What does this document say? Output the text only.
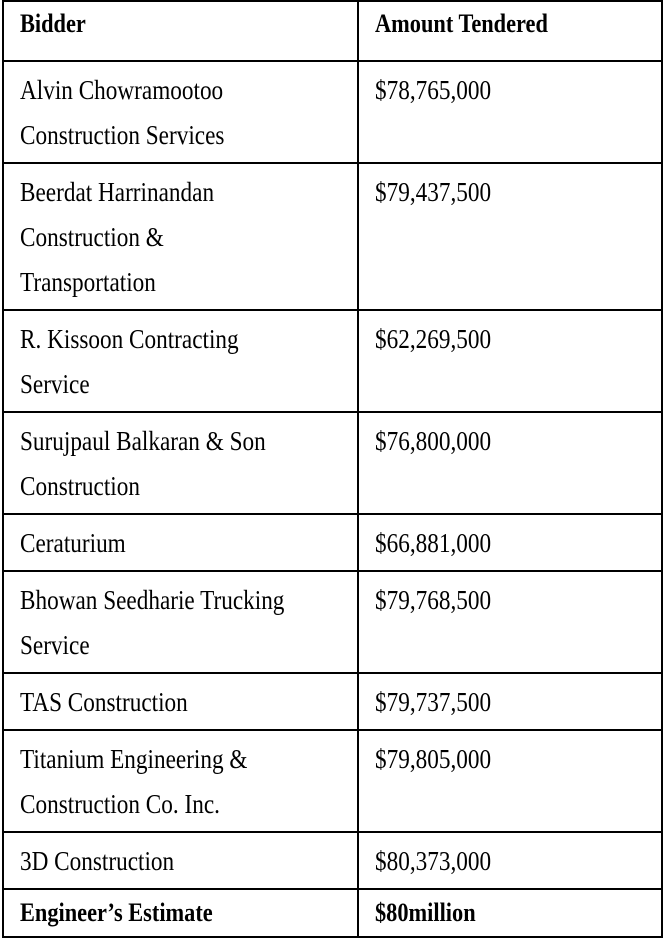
Bidder	Amount Tendered
Alvin Chowramootoo
Construction Services	$78,765,000
Beerdat Harrinandan
Construction &
Transportation	$79,437,500
R. Kissoon Contracting
Service	$62,269,500
Surujpaul Balkaran & Son
Construction	$76,800,000
Ceraturium	$66,881,000
Bhowan Seedharie Trucking
Service	$79,768,500
TAS Construction	$79,737,500
Titanium Engineering &
Construction Co. Inc.	$79,805,000
3D Construction	$80,373,000
Engineer’s Estimate	$80million
